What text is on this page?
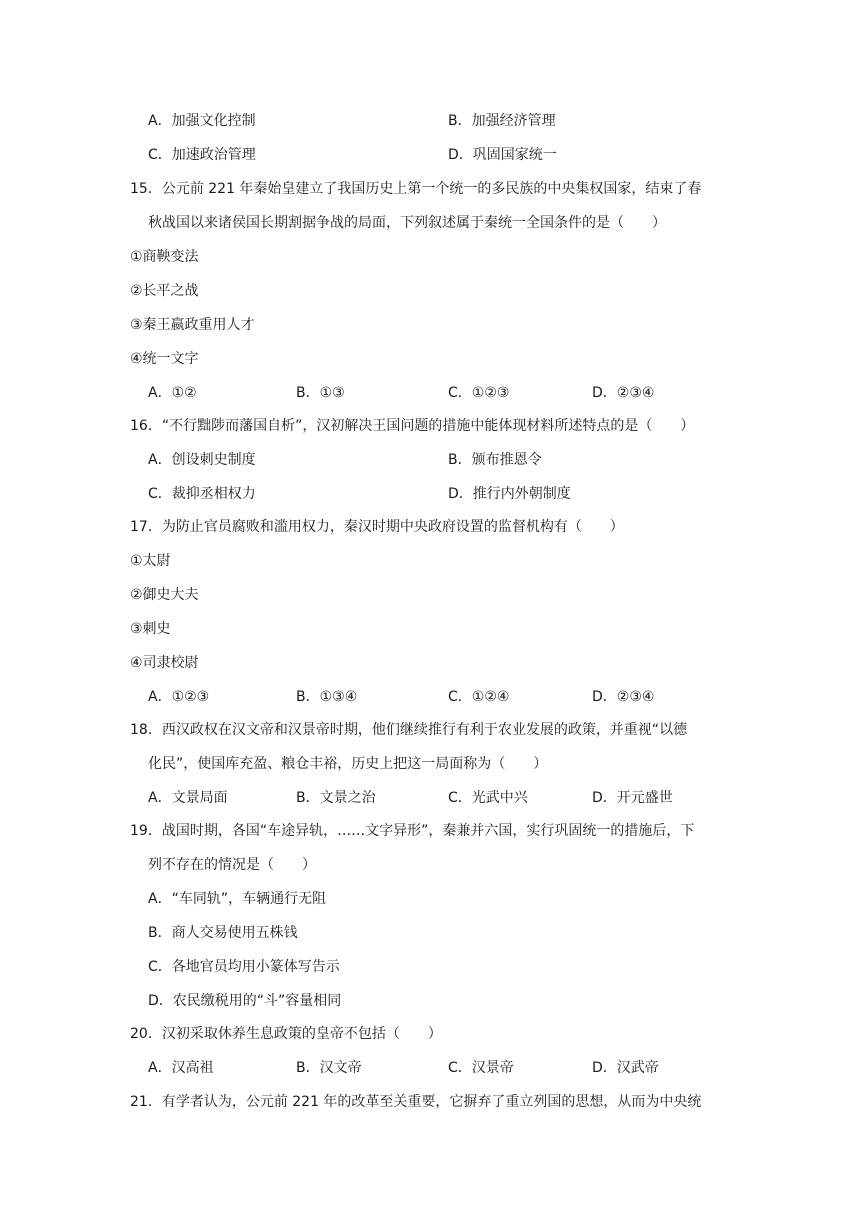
A．加强文化控制	B．加强经济管理
C．加速政治管理	D．巩固国家统一
15．公元前 221 年秦始皇建立了我国历史上第一个统一的多民族的中央集权国家，结束了春
秋战国以来诸侯国长期割据争战的局面，下列叙述属于秦统一全国条件的是（　　）
①商鞅变法
②长平之战
③秦王嬴政重用人才
④统一文字
A．①②	B．①③	C．①②③	D．②③④
16．“不行黜陟而藩国自析”，汉初解决王国问题的措施中能体现材料所述特点的是（　　）
A．创设刺史制度	B．颁布推恩令
C．裁抑丞相权力	D．推行内外朝制度
17．为防止官员腐败和滥用权力，秦汉时期中央政府设置的监督机构有（　　）
①太尉
②御史大夫
③刺史
④司隶校尉
A．①②③	B．①③④	C．①②④	D．②③④
18．西汉政权在汉文帝和汉景帝时期，他们继续推行有利于农业发展的政策，并重视“以德
化民”，使国库充盈、粮仓丰裕，历史上把这一局面称为（　　）
A．文景局面	B．文景之治	C．光武中兴	D．开元盛世
19．战国时期，各国“车途异轨，……文字异形”，秦兼并六国，实行巩固统一的措施后，下
列不存在的情况是（　　）
A．“车同轨”，车辆通行无阻
B．商人交易使用五株钱
C．各地官员均用小篆体写告示
D．农民缴税用的“斗”容量相同
20．汉初采取休养生息政策的皇帝不包括（　　）
A．汉高祖	B．汉文帝	C．汉景帝	D．汉武帝
21．有学者认为，公元前 221 年的改革至关重要，它摒弃了重立列国的思想，从而为中央统
